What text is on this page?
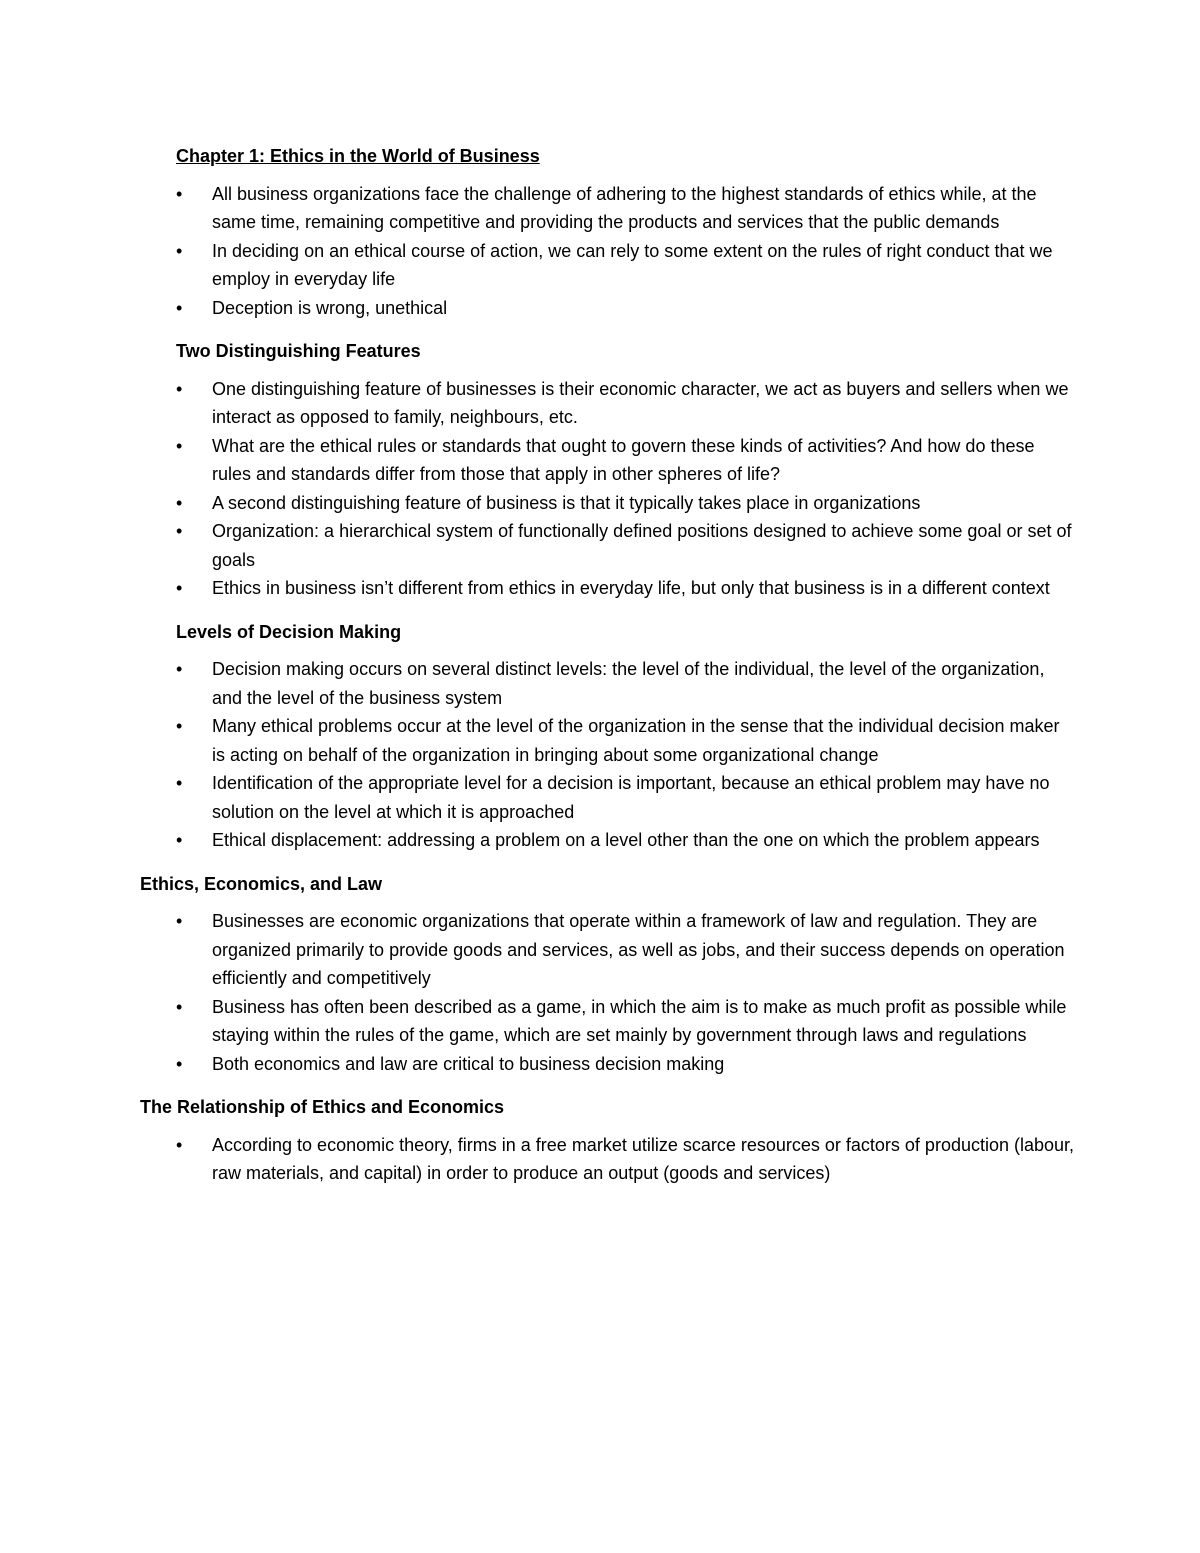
Chapter 1: Ethics in the World of Business

• All business organizations face the challenge of adhering to the highest standards of ethics while, at the same time, remaining competitive and providing the products and services that the public demands
• In deciding on an ethical course of action, we can rely to some extent on the rules of right conduct that we employ in everyday life
• Deception is wrong, unethical

Two Distinguishing Features

• One distinguishing feature of businesses is their economic character, we act as buyers and sellers when we interact as opposed to family, neighbours, etc.
• What are the ethical rules or standards that ought to govern these kinds of activities? And how do these rules and standards differ from those that apply in other spheres of life?
• A second distinguishing feature of business is that it typically takes place in organizations
• Organization: a hierarchical system of functionally defined positions designed to achieve some goal or set of goals
• Ethics in business isn’t different from ethics in everyday life, but only that business is in a different context

Levels of Decision Making

• Decision making occurs on several distinct levels: the level of the individual, the level of the organization, and the level of the business system
• Many ethical problems occur at the level of the organization in the sense that the individual decision maker is acting on behalf of the organization in bringing about some organizational change
• Identification of the appropriate level for a decision is important, because an ethical problem may have no solution on the level at which it is approached
• Ethical displacement: addressing a problem on a level other than the one on which the problem appears

Ethics, Economics, and Law

• Businesses are economic organizations that operate within a framework of law and regulation. They are organized primarily to provide goods and services, as well as jobs, and their success depends on operation efficiently and competitively
• Business has often been described as a game, in which the aim is to make as much profit as possible while staying within the rules of the game, which are set mainly by government through laws and regulations
• Both economics and law are critical to business decision making

The Relationship of Ethics and Economics

• According to economic theory, firms in a free market utilize scarce resources or factors of production (labour, raw materials, and capital) in order to produce an output (goods and services)
